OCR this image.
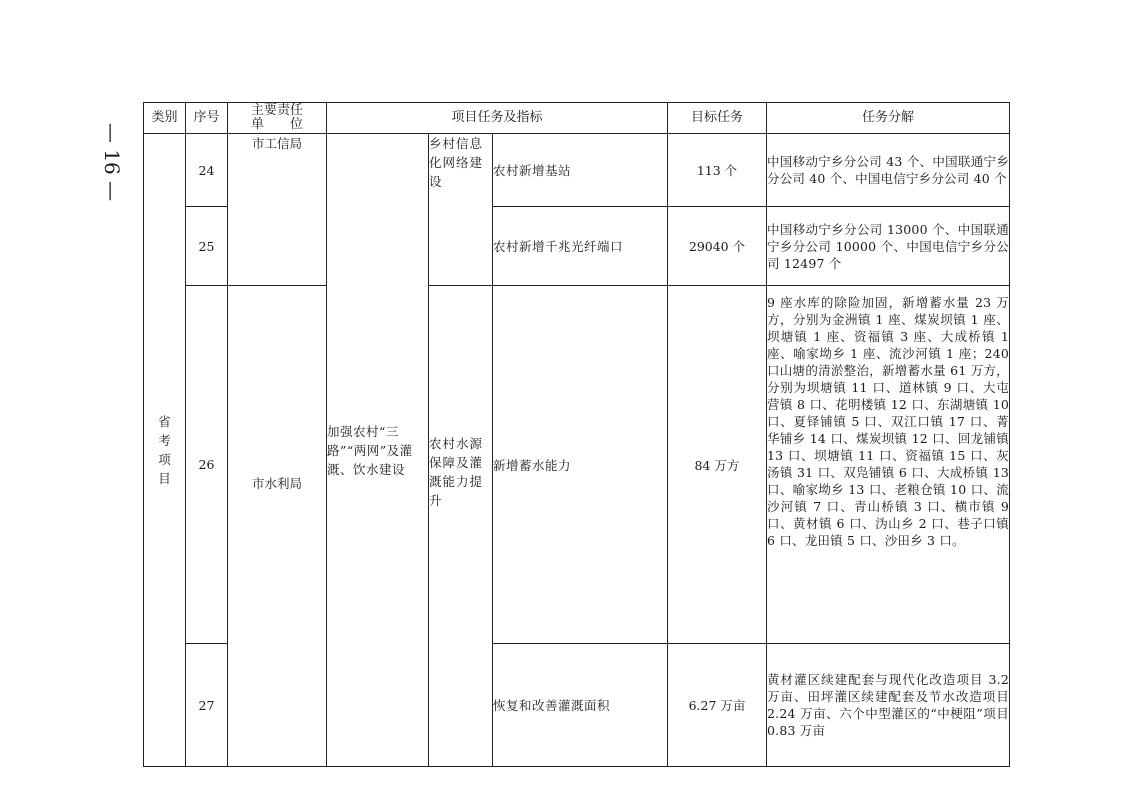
— 16 —
类别	序号	主要责任
单　　位	项目任务及指标			目标任务	任务分解
省考项目	24	市工信局	加强农村“三路”“两网”及灌溉、饮水建设	乡村信息化网络建设	农村新增基站	113 个	中国移动宁乡分公司 43 个、中国联通宁乡分公司 40 个、中国电信宁乡分公司 40 个
	25				农村新增千兆光纤端口	29040 个	中国移动宁乡分公司 13000 个、中国联通宁乡分公司 10000 个、中国电信宁乡分公司 12497 个
	26	市水利局		农村水源保障及灌溉能力提升	新增蓄水能力	84 万方	9 座水库的除险加固，新增蓄水量 23 万方，分别为金洲镇 1 座、煤炭坝镇 1 座、坝塘镇 1 座、资福镇 3 座、大成桥镇 1 座、喻家坳乡 1 座、流沙河镇 1 座；240 口山塘的清淤整治，新增蓄水量 61 万方，分别为坝塘镇 11 口、道林镇 9 口、大屯营镇 8 口、花明楼镇 12 口、东湖塘镇 10 口、夏铎铺镇 5 口、双江口镇 17 口、菁华铺乡 14 口、煤炭坝镇 12 口、回龙铺镇 13 口、坝塘镇 11 口、资福镇 15 口、灰汤镇 31 口、双凫铺镇 6 口、大成桥镇 13 口、喻家坳乡 13 口、老粮仓镇 10 口、流沙河镇 7 口、青山桥镇 3 口、横市镇 9 口、黄材镇 6 口、沩山乡 2 口、巷子口镇 6 口、龙田镇 5 口、沙田乡 3 口。
	27				恢复和改善灌溉面积	6.27 万亩	黄材灌区续建配套与现代化改造项目 3.2 万亩、田坪灌区续建配套及节水改造项目 2.24 万亩、六个中型灌区的“中梗阻”项目 0.83 万亩
